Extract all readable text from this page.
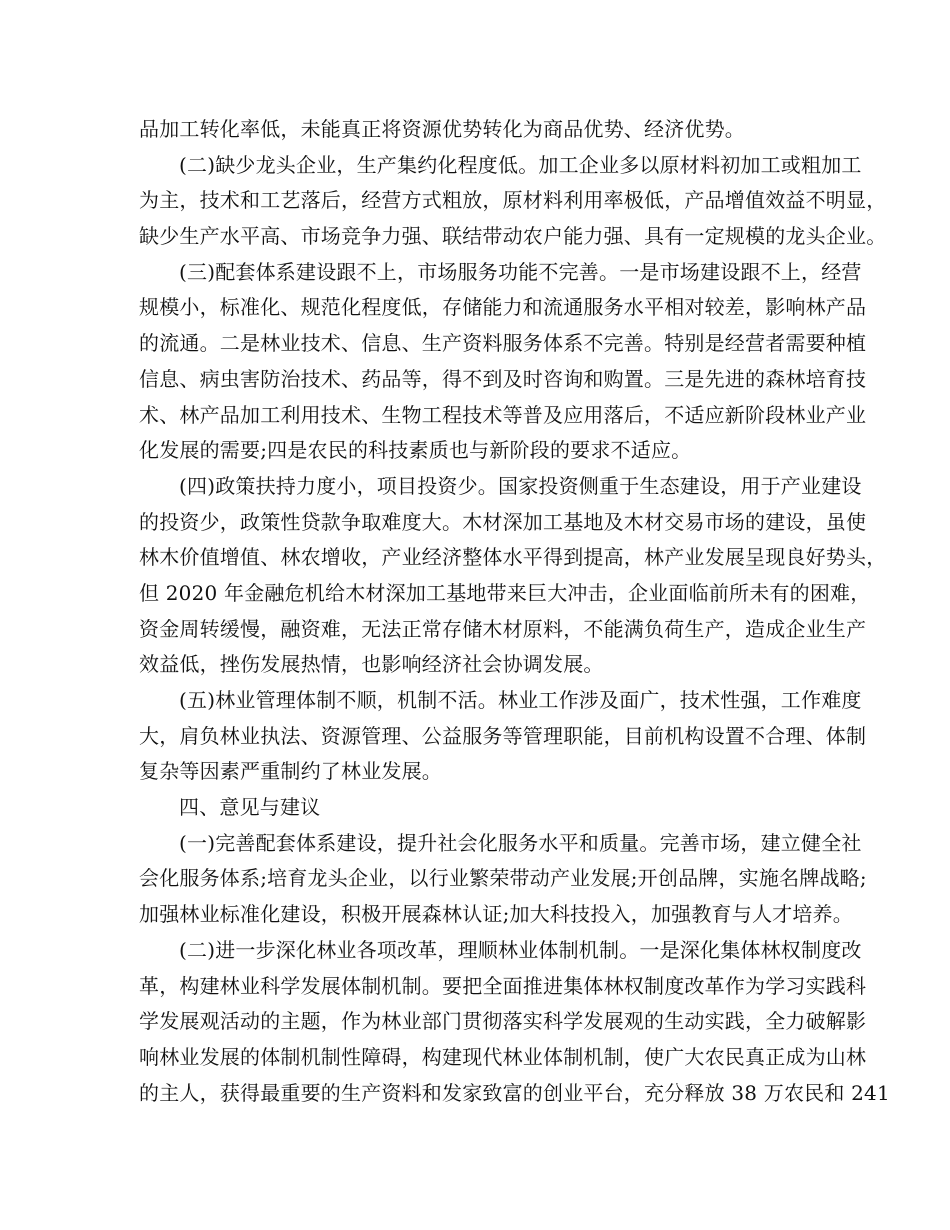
品加工转化率低，未能真正将资源优势转化为商品优势、经济优势。
(二)缺少龙头企业，生产集约化程度低。加工企业多以原材料初加工或粗加工
为主，技术和工艺落后，经营方式粗放，原材料利用率极低，产品增值效益不明显，
缺少生产水平高、市场竞争力强、联结带动农户能力强、具有一定规模的龙头企业。
(三)配套体系建设跟不上，市场服务功能不完善。一是市场建设跟不上，经营
规模小，标准化、规范化程度低，存储能力和流通服务水平相对较差，影响林产品
的流通。二是林业技术、信息、生产资料服务体系不完善。特别是经营者需要种植
信息、病虫害防治技术、药品等，得不到及时咨询和购置。三是先进的森林培育技
术、林产品加工利用技术、生物工程技术等普及应用落后，不适应新阶段林业产业
化发展的需要;四是农民的科技素质也与新阶段的要求不适应。
(四)政策扶持力度小，项目投资少。国家投资侧重于生态建设，用于产业建设
的投资少，政策性贷款争取难度大。木材深加工基地及木材交易市场的建设，虽使
林木价值增值、林农增收，产业经济整体水平得到提高，林产业发展呈现良好势头，
但 2020 年金融危机给木材深加工基地带来巨大冲击，企业面临前所未有的困难，
资金周转缓慢，融资难，无法正常存储木材原料，不能满负荷生产，造成企业生产
效益低，挫伤发展热情，也影响经济社会协调发展。
(五)林业管理体制不顺，机制不活。林业工作涉及面广，技术性强，工作难度
大，肩负林业执法、资源管理、公益服务等管理职能，目前机构设置不合理、体制
复杂等因素严重制约了林业发展。
四、意见与建议
(一)完善配套体系建设，提升社会化服务水平和质量。完善市场，建立健全社
会化服务体系;培育龙头企业，以行业繁荣带动产业发展;开创品牌，实施名牌战略;
加强林业标准化建设，积极开展森林认证;加大科技投入，加强教育与人才培养。
(二)进一步深化林业各项改革，理顺林业体制机制。一是深化集体林权制度改
革，构建林业科学发展体制机制。要把全面推进集体林权制度改革作为学习实践科
学发展观活动的主题，作为林业部门贯彻落实科学发展观的生动实践，全力破解影
响林业发展的体制机制性障碍，构建现代林业体制机制，使广大农民真正成为山林
的主人，获得最重要的生产资料和发家致富的创业平台，充分释放 38 万农民和 241
